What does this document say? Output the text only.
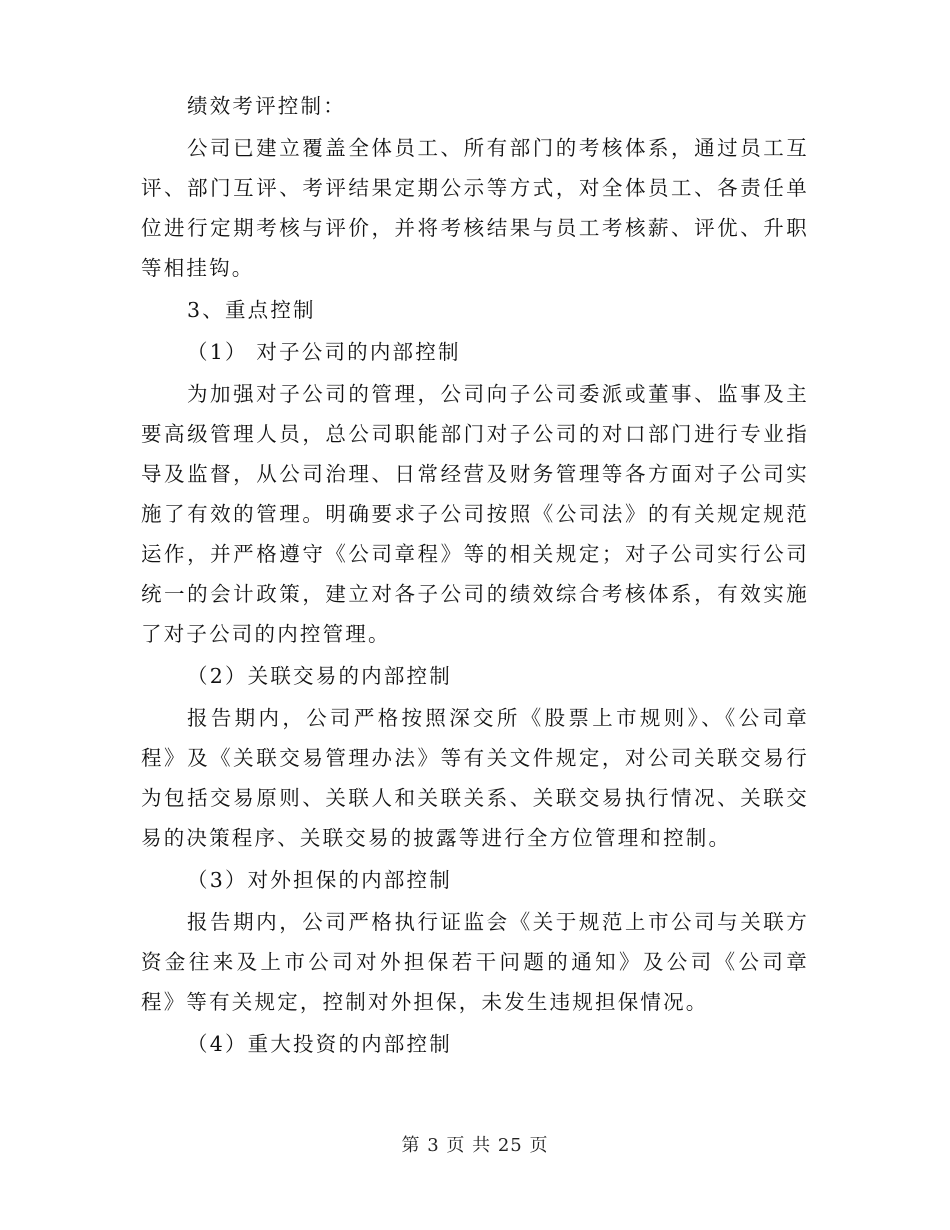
绩效考评控制：

公司已建立覆盖全体员工、所有部门的考核体系，通过员工互评、部门互评、考评结果定期公示等方式，对全体员工、各责任单位进行定期考核与评价，并将考核结果与员工考核薪、评优、升职等相挂钩。

3、重点控制

（1） 对子公司的内部控制

为加强对子公司的管理，公司向子公司委派或董事、监事及主要高级管理人员，总公司职能部门对子公司的对口部门进行专业指导及监督，从公司治理、日常经营及财务管理等各方面对子公司实施了有效的管理。明确要求子公司按照《公司法》的有关规定规范运作，并严格遵守《公司章程》等的相关规定；对子公司实行公司统一的会计政策，建立对各子公司的绩效综合考核体系，有效实施了对子公司的内控管理。

（2）关联交易的内部控制

报告期内，公司严格按照深交所《股票上市规则》、《公司章程》及《关联交易管理办法》等有关文件规定，对公司关联交易行为包括交易原则、关联人和关联关系、关联交易执行情况、关联交易的决策程序、关联交易的披露等进行全方位管理和控制。

（3）对外担保的内部控制

报告期内，公司严格执行证监会《关于规范上市公司与关联方资金往来及上市公司对外担保若干问题的通知》及公司《公司章程》等有关规定，控制对外担保，未发生违规担保情况。

（4）重大投资的内部控制

第 3 页 共 25 页
